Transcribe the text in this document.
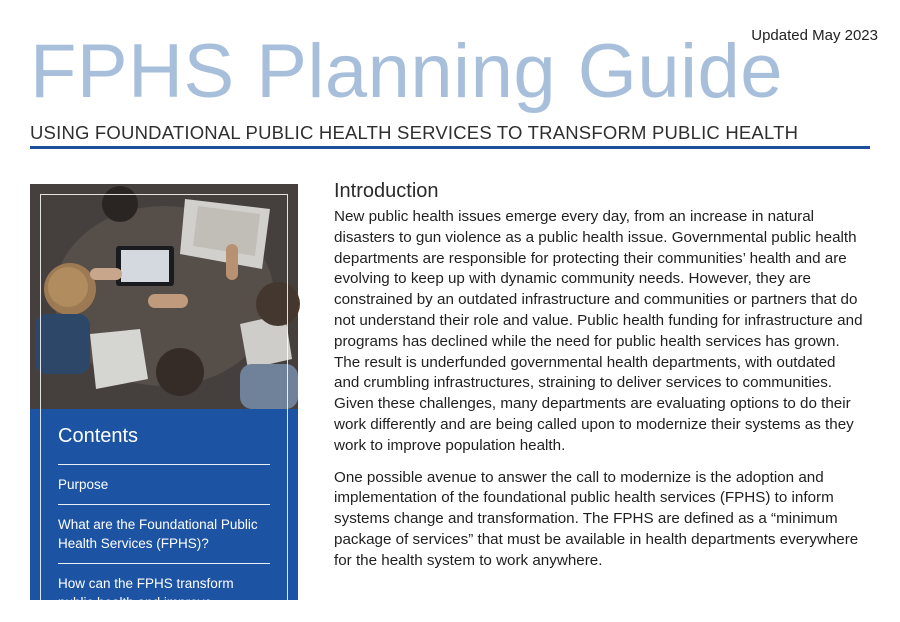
Updated May 2023
FPHS Planning Guide
USING FOUNDATIONAL PUBLIC HEALTH SERVICES TO TRANSFORM PUBLIC HEALTH
Contents
Purpose
What are the Foundational Public Health Services (FPHS)?
How can the FPHS transform public health and improve
Introduction

New public health issues emerge every day, from an increase in natural disasters to gun violence as a public health issue. Governmental public health departments are responsible for protecting their communities’ health and are evolving to keep up with dynamic community needs. However, they are constrained by an outdated infrastructure and communities or partners that do not understand their role and value. Public health funding for infrastructure and programs has declined while the need for public health services has grown. The result is underfunded governmental health departments, with outdated and crumbling infrastructures, straining to deliver services to communities. Given these challenges, many departments are evaluating options to do their work differently and are being called upon to modernize their systems as they work to improve population health.

One possible avenue to answer the call to modernize is the adoption and implementation of the foundational public health services (FPHS) to inform systems change and transformation. The FPHS are defined as a “minimum package of services” that must be available in health departments everywhere for the health system to work anywhere.
